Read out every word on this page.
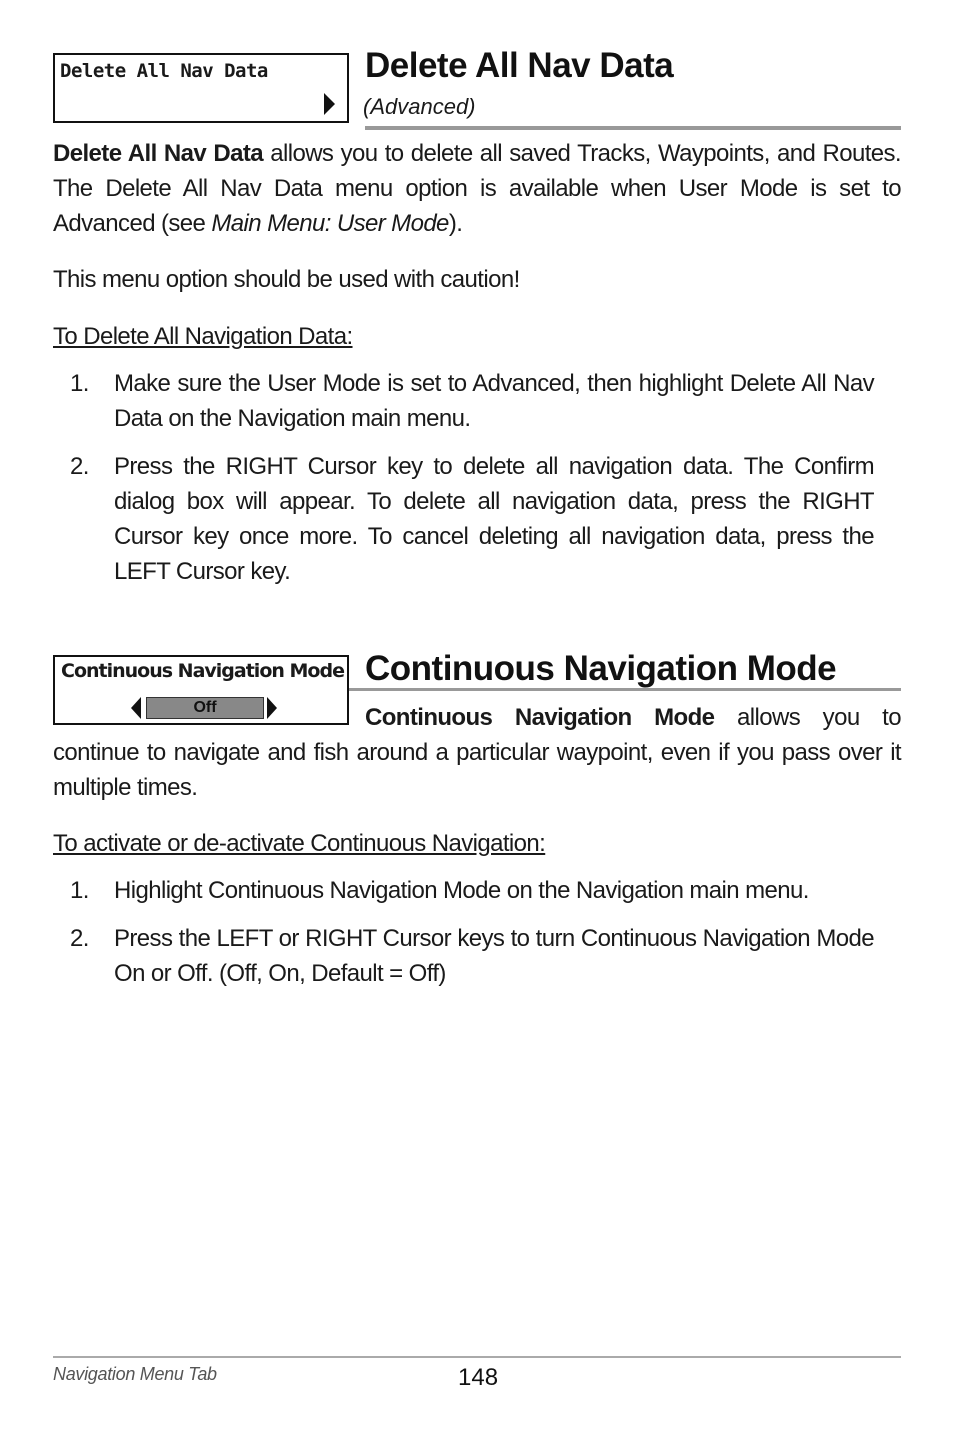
Delete All Nav Data	Delete All Nav Data
(Advanced)
Delete All Nav Data allows you to delete all saved Tracks, Waypoints, and Routes. The Delete All Nav Data menu option is available when User Mode is set to Advanced (see Main Menu: User Mode).
This menu option should be used with caution!
To Delete All Navigation Data:
1. Make sure the User Mode is set to Advanced, then highlight Delete All Nav Data on the Navigation main menu.
2. Press the RIGHT Cursor key to delete all navigation data. The Confirm dialog box will appear. To delete all navigation data, press the RIGHT Cursor key once more. To cancel deleting all navigation data, press the LEFT Cursor key.
Continuous Navigation Mode
Off
Continuous Navigation Mode
Continuous Navigation Mode allows you to
continue to navigate and fish around a particular waypoint, even if you pass over it multiple times.
To activate or de-activate Continuous Navigation:
1. Highlight Continuous Navigation Mode on the Navigation main menu.
2. Press the LEFT or RIGHT Cursor keys to turn Continuous Navigation Mode On or Off. (Off, On, Default = Off)
Navigation Menu Tab	148
